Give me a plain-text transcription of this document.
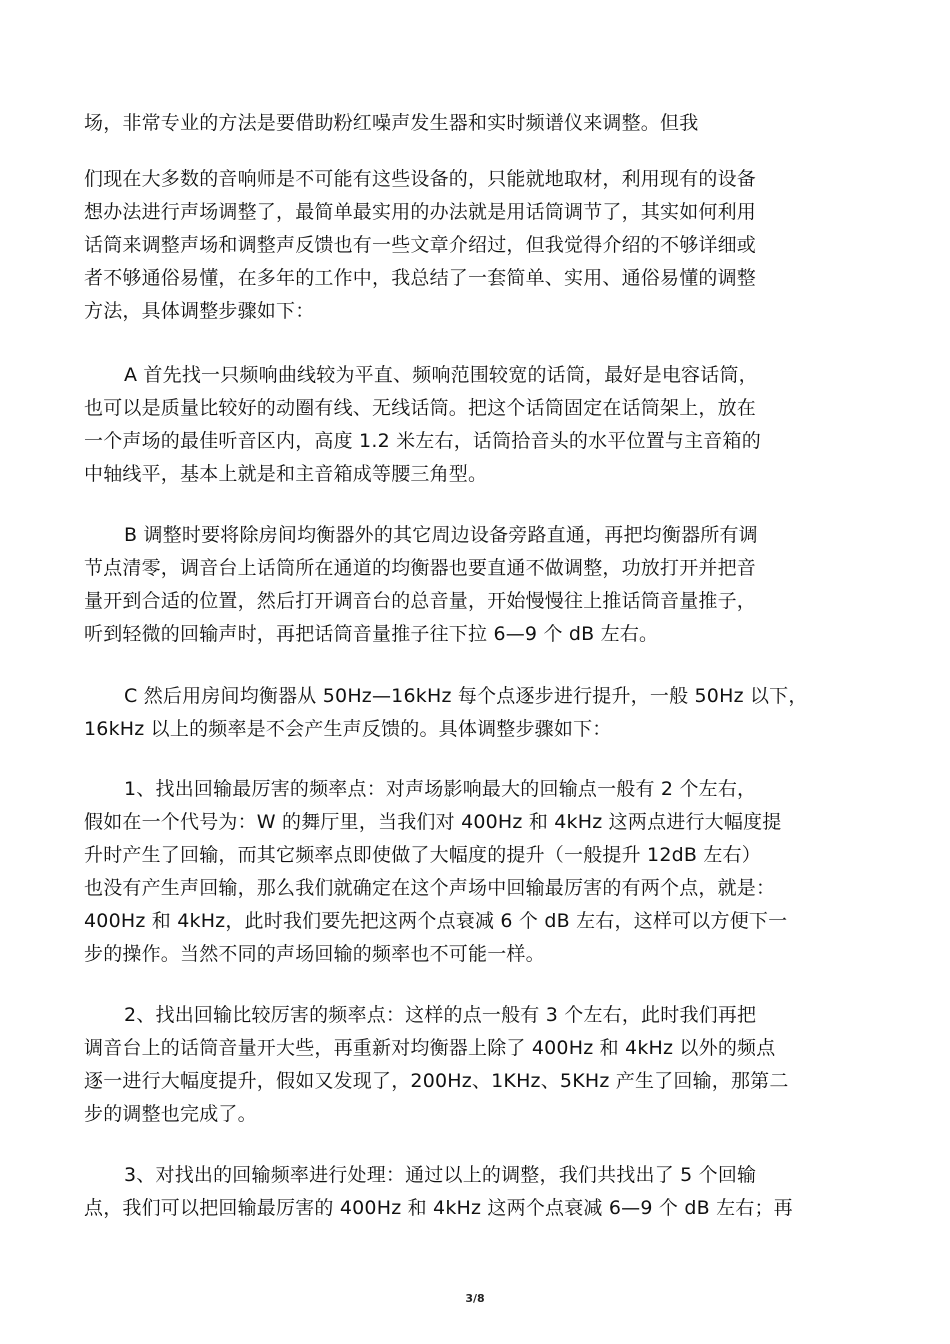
场，非常专业的方法是要借助粉红噪声发生器和实时频谱仪来调整。但我
们现在大多数的音响师是不可能有这些设备的，只能就地取材，利用现有的设备
想办法进行声场调整了，最简单最实用的办法就是用话筒调节了，其实如何利用
话筒来调整声场和调整声反馈也有一些文章介绍过，但我觉得介绍的不够详细或
者不够通俗易懂，在多年的工作中，我总结了一套简单、实用、通俗易懂的调整
方法，具体调整步骤如下：
A 首先找一只频响曲线较为平直、频响范围较宽的话筒，最好是电容话筒，
也可以是质量比较好的动圈有线、无线话筒。把这个话筒固定在话筒架上，放在
一个声场的最佳听音区内，高度 1.2 米左右，话筒拾音头的水平位置与主音箱的
中轴线平，基本上就是和主音箱成等腰三角型。
B 调整时要将除房间均衡器外的其它周边设备旁路直通，再把均衡器所有调
节点清零，调音台上话筒所在通道的均衡器也要直通不做调整，功放打开并把音
量开到合适的位置，然后打开调音台的总音量，开始慢慢往上推话筒音量推子，
听到轻微的回输声时，再把话筒音量推子往下拉 6—9 个 dB 左右。
C 然后用房间均衡器从 50Hz—16kHz 每个点逐步进行提升，一般 50Hz 以下，
16kHz 以上的频率是不会产生声反馈的。具体调整步骤如下：
1、找出回输最厉害的频率点：对声场影响最大的回输点一般有 2 个左右，
假如在一个代号为：W 的舞厅里，当我们对 400Hz 和 4kHz 这两点进行大幅度提
升时产生了回输，而其它频率点即使做了大幅度的提升（一般提升 12dB 左右）
也没有产生声回输，那么我们就确定在这个声场中回输最厉害的有两个点，就是：
400Hz 和 4kHz，此时我们要先把这两个点衰减 6 个 dB 左右，这样可以方便下一
步的操作。当然不同的声场回输的频率也不可能一样。
2、找出回输比较厉害的频率点：这样的点一般有 3 个左右，此时我们再把
调音台上的话筒音量开大些，再重新对均衡器上除了 400Hz 和 4kHz 以外的频点
逐一进行大幅度提升，假如又发现了，200Hz、1KHz、5KHz 产生了回输，那第二
步的调整也完成了。
3、对找出的回输频率进行处理：通过以上的调整，我们共找出了 5 个回输
点，我们可以把回输最厉害的 400Hz 和 4kHz 这两个点衰减 6—9 个 dB 左右；再
3/8
